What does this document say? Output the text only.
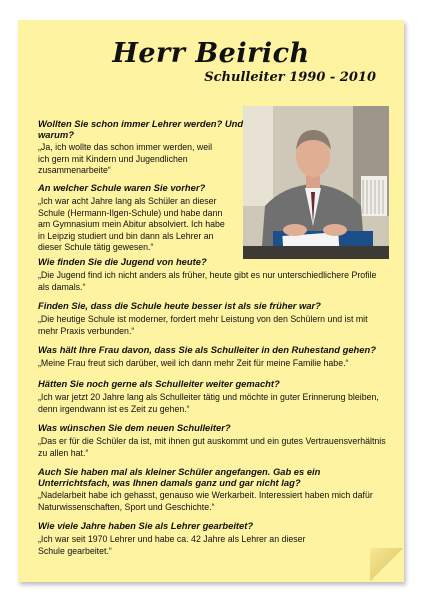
Herr Beirich
Schulleiter 1990 - 2010
Wollten Sie schon immer Lehrer werden? Und warum?
„Ja, ich wollte das schon immer werden, weil
ich gern mit Kindern und Jugendlichen
zusammenarbeite“
An welcher Schule waren Sie vorher?
„Ich war acht Jahre lang als Schüler an dieser
Schule (Hermann-Ilgen-Schule) und habe dann
am Gymnasium mein Abitur absolviert. Ich habe
in Leipzig studiert und bin dann als Lehrer an
dieser Schule tätig gewesen.“
Wie finden Sie die Jugend von heute?
„Die Jugend find ich nicht anders als früher, heute gibt es nur unterschiedlichere Profile
als damals.“
Finden Sie, dass die Schule heute besser ist als sie früher war?
„Die heutige Schule ist moderner, fordert mehr Leistung von den Schülern und ist mit
mehr Praxis verbunden.“
Was hält Ihre Frau davon, dass Sie als Schulleiter in den Ruhestand gehen?
„Meine Frau freut sich darüber, weil ich dann mehr Zeit für meine Familie habe.“
Hätten Sie noch gerne als Schulleiter weiter gemacht?
„Ich war jetzt 20 Jahre lang als Schulleiter tätig und möchte in guter Erinnerung bleiben,
denn irgendwann ist es Zeit zu gehen.“
Was wünschen Sie dem neuen Schulleiter?
„Das er für die Schüler da ist, mit ihnen gut auskommt und ein gutes Vertrauensverhältnis
zu allen hat.“
Auch Sie haben mal als kleiner Schüler angefangen. Gab es ein Unterrichtsfach, was Ihnen damals ganz und gar nicht lag?
„Nadelarbeit habe ich gehasst, genauso wie Werkarbeit. Interessiert haben mich dafür
Naturwissenschaften, Sport und Geschichte.“
Wie viele Jahre haben Sie als Lehrer gearbeitet?
„Ich war seit 1970 Lehrer und habe ca. 42 Jahre als Lehrer an dieser
Schule gearbeitet.“
